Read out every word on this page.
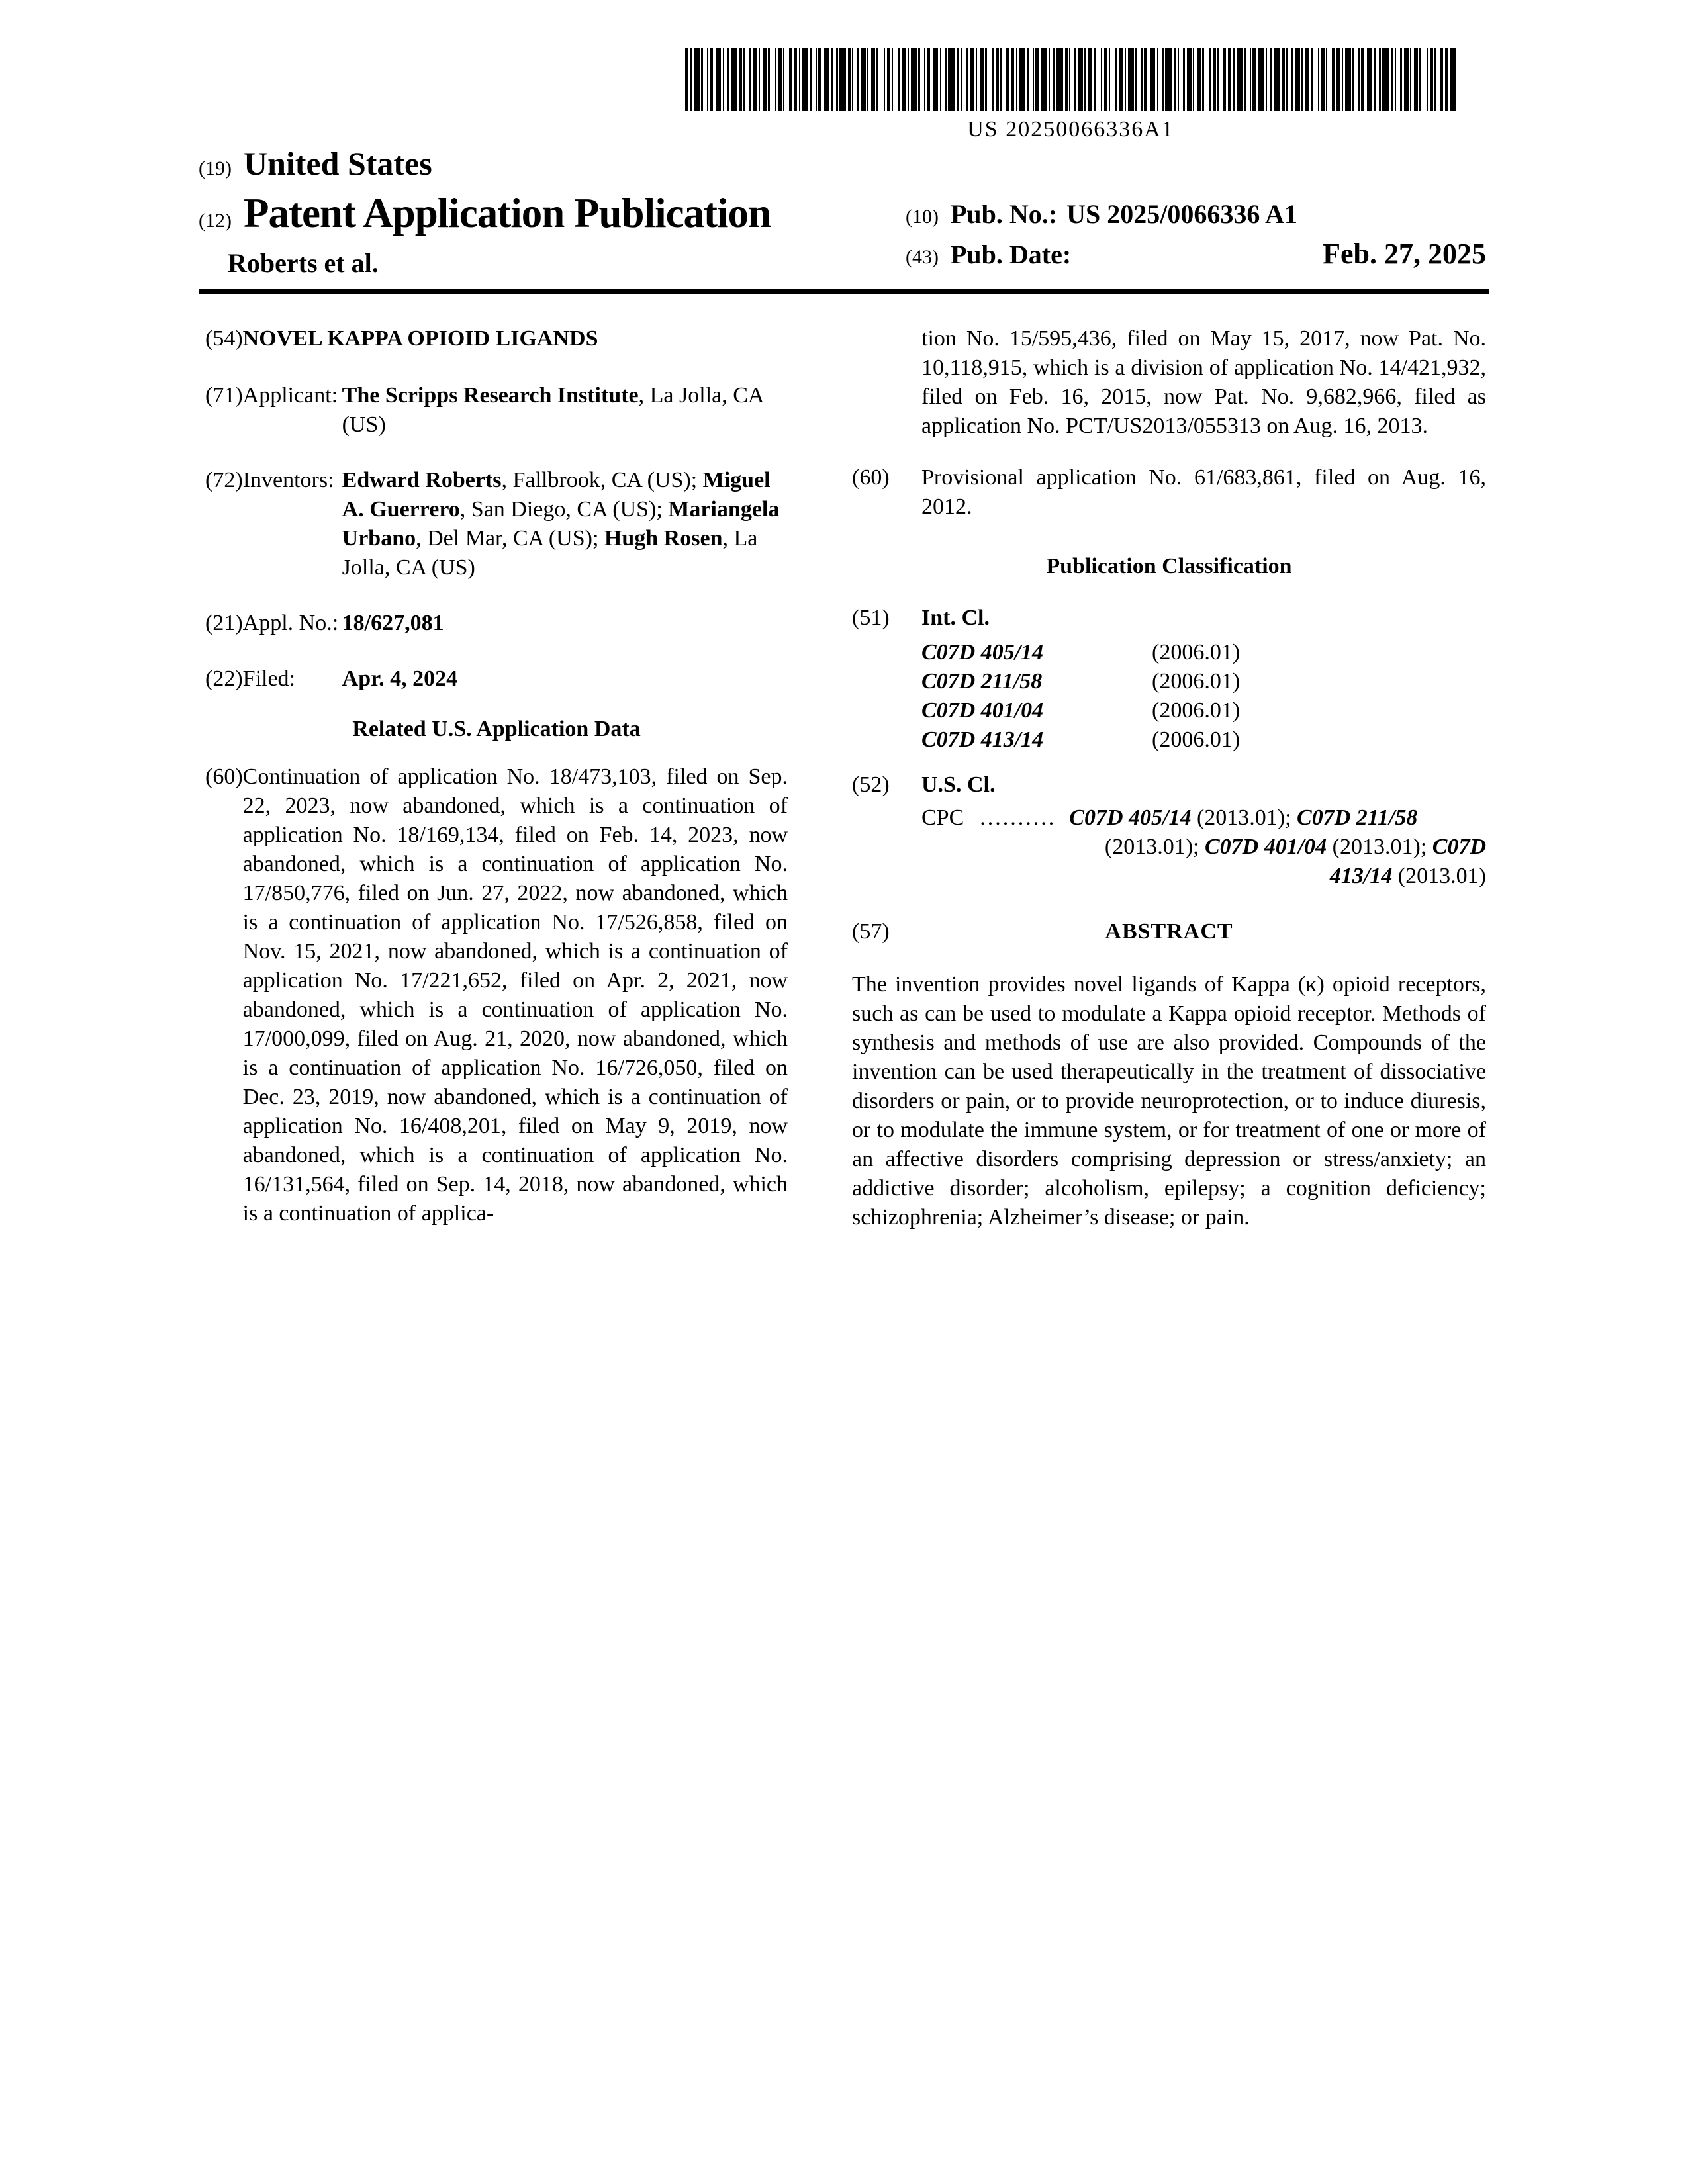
US 20250066336A1
(19) United States
(12) Patent Application Publication
Roberts et al.
(10) Pub. No.: US 2025/0066336 A1
(43) Pub. Date:	Feb. 27, 2025
(54) NOVEL KAPPA OPIOID LIGANDS
(71) Applicant: The Scripps Research Institute, La Jolla, CA (US)
(72) Inventors: Edward Roberts, Fallbrook, CA (US); Miguel A. Guerrero, San Diego, CA (US); Mariangela Urbano, Del Mar, CA (US); Hugh Rosen, La Jolla, CA (US)
(21) Appl. No.: 18/627,081
(22) Filed:	Apr. 4, 2024
Related U.S. Application Data
(60) Continuation of application No. 18/473,103, filed on Sep. 22, 2023, now abandoned, which is a continuation of application No. 18/169,134, filed on Feb. 14, 2023, now abandoned, which is a continuation of application No. 17/850,776, filed on Jun. 27, 2022, now abandoned, which is a continuation of application No. 17/526,858, filed on Nov. 15, 2021, now abandoned, which is a continuation of application No. 17/221,652, filed on Apr. 2, 2021, now abandoned, which is a continuation of application No. 17/000,099, filed on Aug. 21, 2020, now abandoned, which is a continuation of application No. 16/726,050, filed on Dec. 23, 2019, now abandoned, which is a continuation of application No. 16/408,201, filed on May 9, 2019, now abandoned, which is a continuation of application No. 16/131,564, filed on Sep. 14, 2018, now abandoned, which is a continuation of applica-
tion No. 15/595,436, filed on May 15, 2017, now Pat. No. 10,118,915, which is a division of application No. 14/421,932, filed on Feb. 16, 2015, now Pat. No. 9,682,966, filed as application No. PCT/US2013/055313 on Aug. 16, 2013.
(60)	Provisional application No. 61/683,861, filed on Aug. 16, 2012.
Publication Classification
(51)	Int. Cl.
C07D 405/14	(2006.01)
C07D 211/58	(2006.01)
C07D 401/04	(2006.01)
C07D 413/14	(2006.01)
(52)	U.S. Cl.
CPC .......... C07D 405/14 (2013.01); C07D 211/58
(2013.01); C07D 401/04 (2013.01); C07D
413/14 (2013.01)
(57)	ABSTRACT
The invention provides novel ligands of Kappa (κ) opioid receptors, such as can be used to modulate a Kappa opioid receptor. Methods of synthesis and methods of use are also provided. Compounds of the invention can be used therapeutically in the treatment of dissociative disorders or pain, or to provide neuroprotection, or to induce diuresis, or to modulate the immune system, or for treatment of one or more of an affective disorders comprising depression or stress/anxiety; an addictive disorder; alcoholism, epilepsy; a cognition deficiency; schizophrenia; Alzheimer’s disease; or pain.
